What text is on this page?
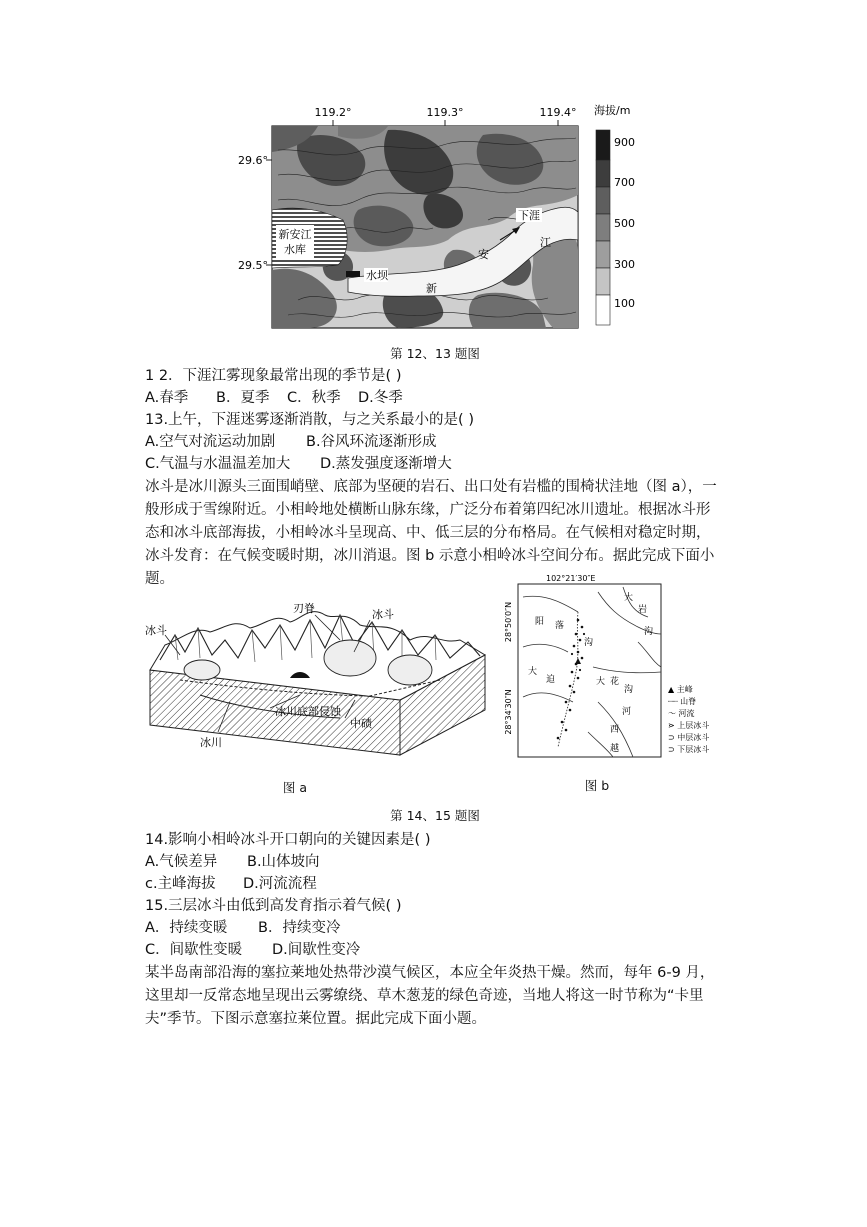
119.2°	119.3°	119.4°
29.6°
29.5°
新安江
水库
水坝
下涯
江
安
新
海拔/m
900
700
500
300
100
第 12、13 题图
1 2．下涯江雾现象最常出现的季节是( )
A.春季 B．夏季 C．秋季 D.冬季
13.上午，下涯迷雾逐渐消散，与之关系最小的是( )
A.空气对流运动加剧 B.谷风环流逐渐形成
C.气温与水温温差加大 D.蒸发强度逐渐增大
冰斗是冰川源头三面围峭壁、底部为坚硬的岩石、出口处有岩槛的围椅状洼地（图 a），一般形成于雪缐附近。小相岭地处横断山脉东缘，广泛分布着第四纪冰川遗址。根据冰斗形态和冰斗底部海拔，小相岭冰斗呈现高、中、低三层的分布格局。在气候相对稳定时期，冰斗发育：在气候变暖时期，冰川消退。图 b 示意小相岭冰斗空间分布。据此完成下面小题。
冰斗
刃脊	冰斗
冰川底部侵蚀
中碛
冰川
图 a
102°21′30″E
28°50′0″N
28°34′30″N
大
岩
沟
阳 落
沟
大
迫	大 花
沟
河
西
越
▲ 主峰
┈┈ 山脊
〜 河流
⋗ 上层冰斗
⊃ 中层冰斗
⊃ 下层冰斗
图 b
第 14、15 题图
14.影响小相岭冰斗开口朝向的关键因素是( )
A.气候差异 B.山体坡向
c.主峰海拔 D.河流流程
15.三层冰斗由低到高发育指示着气候( )
A．持续变暖 B．持续变冷
C．间歇性变暖 D.间歇性变冷
某半岛南部沿海的塞拉莱地处热带沙漠气候区，本应全年炎热干燥。然而，每年 6-9 月，这里却一反常态地呈现出云雾缭绕、草木葱茏的绿色奇迹，当地人将这一时节称为“卡里夫”季节。下图示意塞拉莱位置。据此完成下面小题。
